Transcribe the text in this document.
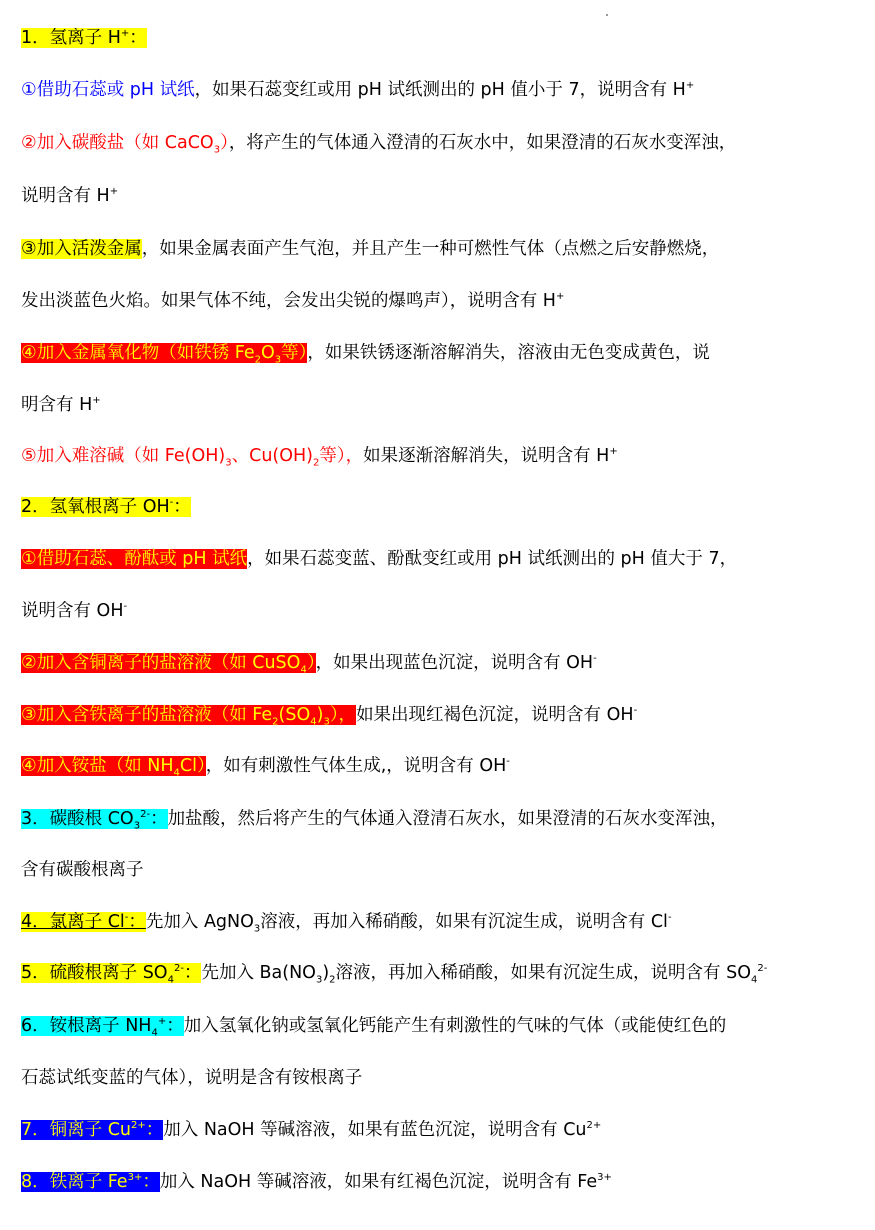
1．氢离子 H+：
①借助石蕊或 pH 试纸，如果石蕊变红或用 pH 试纸测出的 pH 值小于 7，说明含有 H+
②加入碳酸盐（如 CaCO$_3$），将产生的气体通入澄清的石灰水中，如果澄清的石灰水变浑浊，
说明含有 H+
③加入活泼金属，如果金属表面产生气泡，并且产生一种可燃性气体（点燃之后安静燃烧，
发出淡蓝色火焰。如果气体不纯，会发出尖锐的爆鸣声），说明含有 H+
④加入金属氧化物（如铁锈 $Fe_2O_3$等），如果铁锈逐渐溶解消失，溶液由无色变成黄色，说
明含有 H+
⑤加入难溶碱（如 $Fe(OH)_3$、$Cu(OH)_2$等），如果逐渐溶解消失，说明含有 H+
2．氢氧根离子 OH-：
①借助石蕊、酚酞或 pH 试纸，如果石蕊变蓝、酚酞变红或用 pH 试纸测出的 pH 值大于 7，
说明含有 OH-
②加入含铜离子的盐溶液（如 CuSO$_4$），如果出现蓝色沉淀，说明含有 OH-
③加入含铁离子的盐溶液（如 $Fe_2(SO_4)_3$），如果出现红褐色沉淀，说明含有 OH-
④加入铵盐（如 $NH_4Cl$），如有刺激性气体生成,，说明含有 OH-
3．碳酸根 $CO_3^{2-}$：加盐酸，然后将产生的气体通入澄清石灰水，如果澄清的石灰水变浑浊，
含有碳酸根离子
4．氯离子 Cl-：先加入 AgNO$_3$溶液，再加入稀硝酸，如果有沉淀生成，说明含有 Cl-
5．硫酸根离子 $SO_4^{2-}$：先加入 $Ba(NO_3)_2$溶液，再加入稀硝酸，如果有沉淀生成，说明含有 $SO_4^{2-}$
6．铵根离子 $NH_4^+$：加入氢氧化钠或氢氧化钙能产生有刺激性的气味的气体（或能使红色的
石蕊试纸变蓝的气体），说明是含有铵根离子
7．铜离子 $Cu^{2+}$：加入 NaOH 等碱溶液，如果有蓝色沉淀，说明含有 $Cu^{2+}$
8．铁离子 $Fe^{3+}$：加入 NaOH 等碱溶液，如果有红褐色沉淀，说明含有 $Fe^{3+}$
